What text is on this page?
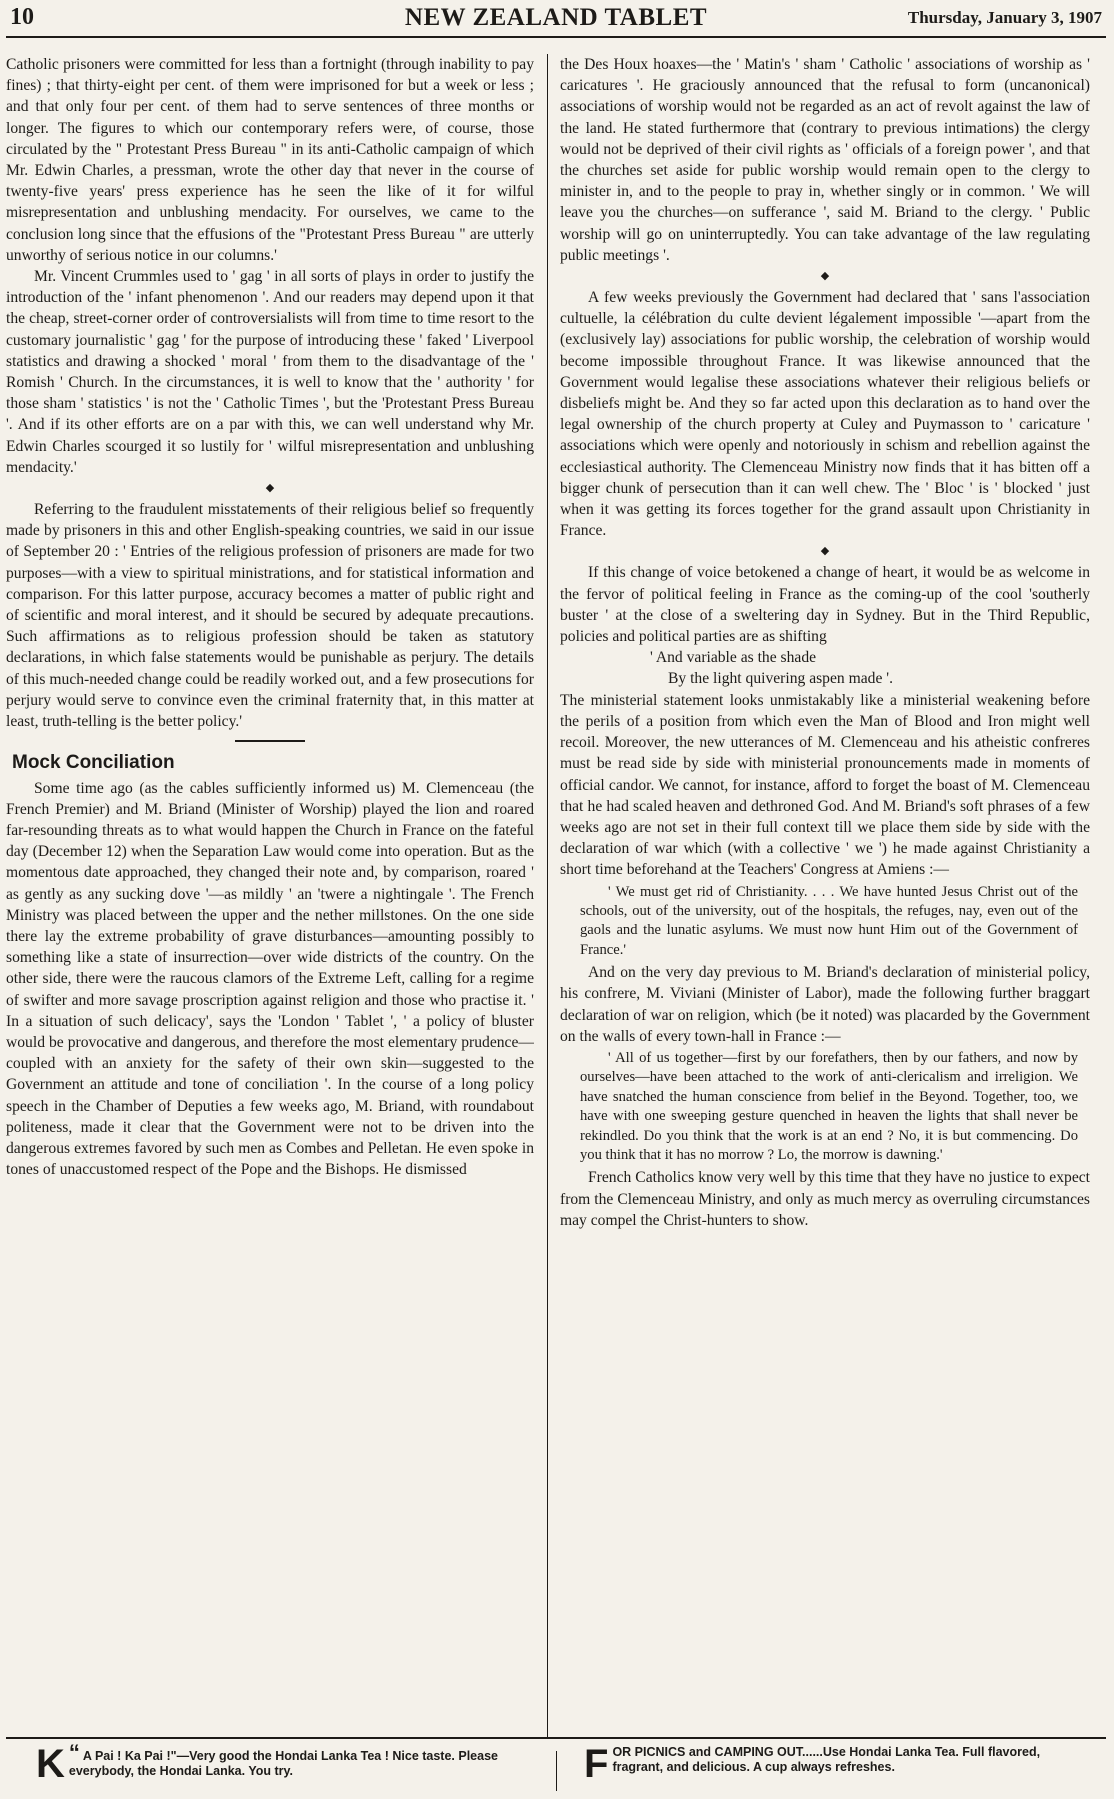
10	NEW ZEALAND TABLET	Thursday, January 3, 1907

Catholic prisoners were committed for less than a fortnight (through inability to pay fines) ; that thirty-eight per cent. of them were imprisoned for but a week or less ; and that only four per cent. of them had to serve sentences of three months or longer. The figures to which our contemporary refers were, of course, those circulated by the " Protestant Press Bureau " in its anti-Catholic campaign of which Mr. Edwin Charles, a pressman, wrote the other day that never in the course of twenty-five years' press experience has he seen the like of it for wilful misrepresentation and unblushing mendacity. For ourselves, we came to the conclusion long since that the effusions of the "Protestant Press Bureau " are utterly unworthy of serious notice in our columns.'

Mr. Vincent Crummles used to ' gag ' in all sorts of plays in order to justify the introduction of the ' infant phenomenon '. And our readers may depend upon it that the cheap, street-corner order of controversialists will from time to time resort to the customary journalistic ' gag ' for the purpose of introducing these ' faked ' Liverpool statistics and drawing a shocked ' moral ' from them to the disadvantage of the ' Romish ' Church. In the circumstances, it is well to know that the ' authority ' for those sham ' statistics ' is not the ' Catholic Times ', but the 'Protestant Press Bureau '. And if its other efforts are on a par with this, we can well understand why Mr. Edwin Charles scourged it so lustily for ' wilful misrepresentation and unblushing mendacity.'

◆

Referring to the fraudulent misstatements of their religious belief so frequently made by prisoners in this and other English-speaking countries, we said in our issue of September 20 : ' Entries of the religious profession of prisoners are made for two purposes—with a view to spiritual ministrations, and for statistical information and comparison. For this latter purpose, accuracy becomes a matter of public right and of scientific and moral interest, and it should be secured by adequate precautions. Such affirmations as to religious profession should be taken as statutory declarations, in which false statements would be punishable as perjury. The details of this much-needed change could be readily worked out, and a few prosecutions for perjury would serve to convince even the criminal fraternity that, in this matter at least, truth-telling is the better policy.'

Mock Conciliation

Some time ago (as the cables sufficiently informed us) M. Clemenceau (the French Premier) and M. Briand (Minister of Worship) played the lion and roared far-resounding threats as to what would happen the Church in France on the fateful day (December 12) when the Separation Law would come into operation. But as the momentous date approached, they changed their note and, by comparison, roared ' as gently as any sucking dove '—as mildly ' an 'twere a nightingale '. The French Ministry was placed between the upper and the nether millstones. On the one side there lay the extreme probability of grave disturbances—amounting possibly to something like a state of insurrection—over wide districts of the country. On the other side, there were the raucous clamors of the Extreme Left, calling for a regime of swifter and more savage proscription against religion and those who practise it. ' In a situation of such delicacy', says the 'London ' Tablet ', ' a policy of bluster would be provocative and dangerous, and therefore the most elementary prudence—coupled with an anxiety for the safety of their own skin—suggested to the Government an attitude and tone of conciliation '. In the course of a long policy speech in the Chamber of Deputies a few weeks ago, M. Briand, with roundabout politeness, made it clear that the Government were not to be driven into the dangerous extremes favored by such men as Combes and Pelletan. He even spoke in tones of unaccustomed respect of the Pope and the Bishops. He dismissed

the Des Houx hoaxes—the ' Matin's ' sham ' Catholic ' associations of worship as ' caricatures '. He graciously announced that the refusal to form (uncanonical) associations of worship would not be regarded as an act of revolt against the law of the land. He stated furthermore that (contrary to previous intimations) the clergy would not be deprived of their civil rights as ' officials of a foreign power ', and that the churches set aside for public worship would remain open to the clergy to minister in, and to the people to pray in, whether singly or in common. ' We will leave you the churches—on sufferance ', said M. Briand to the clergy. ' Public worship will go on uninterruptedly. You can take advantage of the law regulating public meetings '.

◆

A few weeks previously the Government had declared that ' sans l'association cultuelle, la célébration du culte devient légalement impossible '—apart from the (exclusively lay) associations for public worship, the celebration of worship would become impossible throughout France. It was likewise announced that the Government would legalise these associations whatever their religious beliefs or disbeliefs might be. And they so far acted upon this declaration as to hand over the legal ownership of the church property at Culey and Puymasson to ' caricature ' associations which were openly and notoriously in schism and rebellion against the ecclesiastical authority. The Clemenceau Ministry now finds that it has bitten off a bigger chunk of persecution than it can well chew. The ' Bloc ' is ' blocked ' just when it was getting its forces together for the grand assault upon Christianity in France.

◆

If this change of voice betokened a change of heart, it would be as welcome in the fervor of political feeling in France as the coming-up of the cool 'southerly buster ' at the close of a sweltering day in Sydney. But in the Third Republic, policies and political parties are as shifting

' And variable as the shade

By the light quivering aspen made '.

The ministerial statement looks unmistakably like a ministerial weakening before the perils of a position from which even the Man of Blood and Iron might well recoil. Moreover, the new utterances of M. Clemenceau and his atheistic confreres must be read side by side with ministerial pronouncements made in moments of official candor. We cannot, for instance, afford to forget the boast of M. Clemenceau that he had scaled heaven and dethroned God. And M. Briand's soft phrases of a few weeks ago are not set in their full context till we place them side by side with the declaration of war which (with a collective ' we ') he made against Christianity a short time beforehand at the Teachers' Congress at Amiens :—

' We must get rid of Christianity. . . . We have hunted Jesus Christ out of the schools, out of the university, out of the hospitals, the refuges, nay, even out of the gaols and the lunatic asylums. We must now hunt Him out of the Government of France.'

And on the very day previous to M. Briand's declaration of ministerial policy, his confrere, M. Viviani (Minister of Labor), made the following further braggart declaration of war on religion, which (be it noted) was placarded by the Government on the walls of every town-hall in France :—

' All of us together—first by our forefathers, then by our fathers, and now by ourselves—have been attached to the work of anti-clericalism and irreligion. We have snatched the human conscience from belief in the Beyond. Together, too, we have with one sweeping gesture quenched in heaven the lights that shall never be rekindled. Do you think that the work is at an end ? No, it is but commencing. Do you think that it has no morrow ? Lo, the morrow is dawning.'

French Catholics know very well by this time that they have no justice to expect from the Clemenceau Ministry, and only as much mercy as overruling circumstances may compel the Christ-hunters to show.

“
K A Pai ! Ka Pai !"—Very good the Hondai Lanka Tea ! Nice taste. Please everybody, the Hondai Lanka. You try.	F OR PICNICS and CAMPING OUT......Use Hondai Lanka Tea. Full flavored, fragrant, and delicious. A cup always refreshes.
